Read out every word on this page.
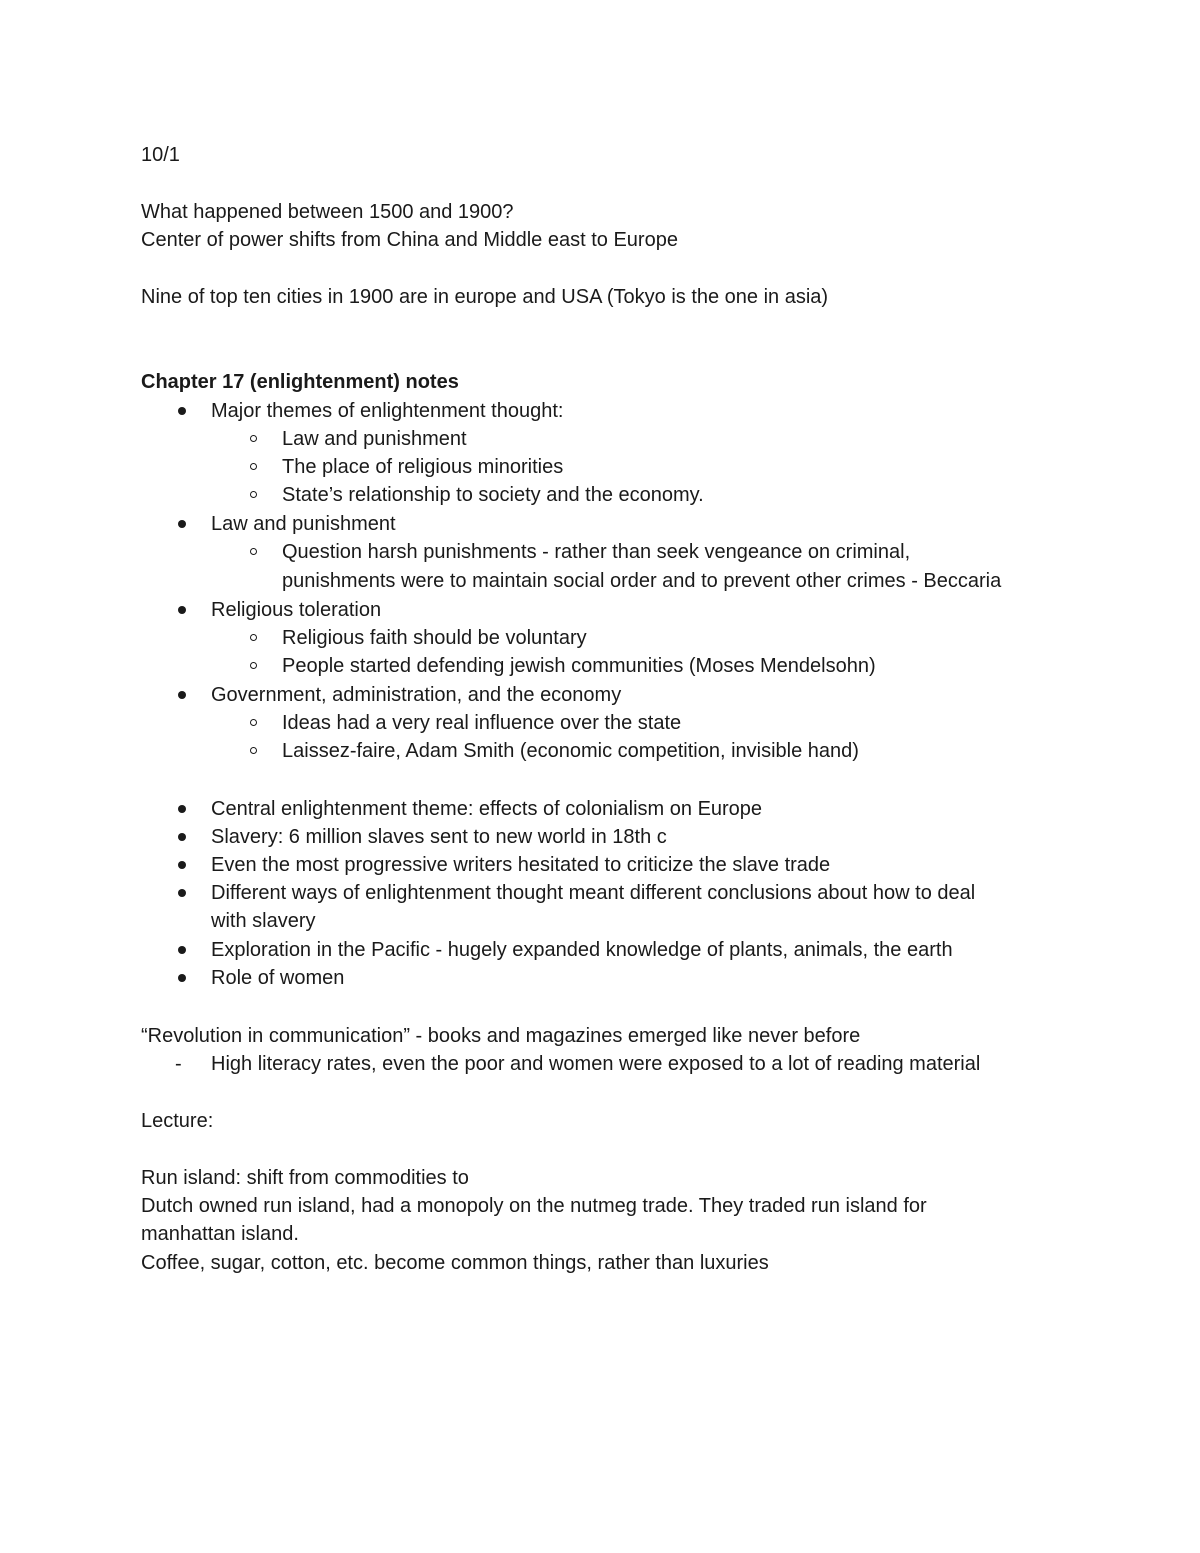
10/1
What happened between 1500 and 1900?
Center of power shifts from China and Middle east to Europe
Nine of top ten cities in 1900 are in europe and USA (Tokyo is the one in asia)
Chapter 17 (enlightenment) notes
Major themes of enlightenment thought:
Law and punishment
The place of religious minorities
State’s relationship to society and the economy.
Law and punishment
Question harsh punishments - rather than seek vengeance on criminal,
punishments were to maintain social order and to prevent other crimes - Beccaria
Religious toleration
Religious faith should be voluntary
People started defending jewish communities (Moses Mendelsohn)
Government, administration, and the economy
Ideas had a very real influence over the state
Laissez-faire, Adam Smith (economic competition, invisible hand)
Central enlightenment theme: effects of colonialism on Europe
Slavery: 6 million slaves sent to new world in 18th c
Even the most progressive writers hesitated to criticize the slave trade
Different ways of enlightenment thought meant different conclusions about how to deal
with slavery
Exploration in the Pacific - hugely expanded knowledge of plants, animals, the earth
Role of women
“Revolution in communication” - books and magazines emerged like never before
- High literacy rates, even the poor and women were exposed to a lot of reading material
Lecture:
Run island: shift from commodities to
Dutch owned run island, had a monopoly on the nutmeg trade. They traded run island for
manhattan island.
Coffee, sugar, cotton, etc. become common things, rather than luxuries
